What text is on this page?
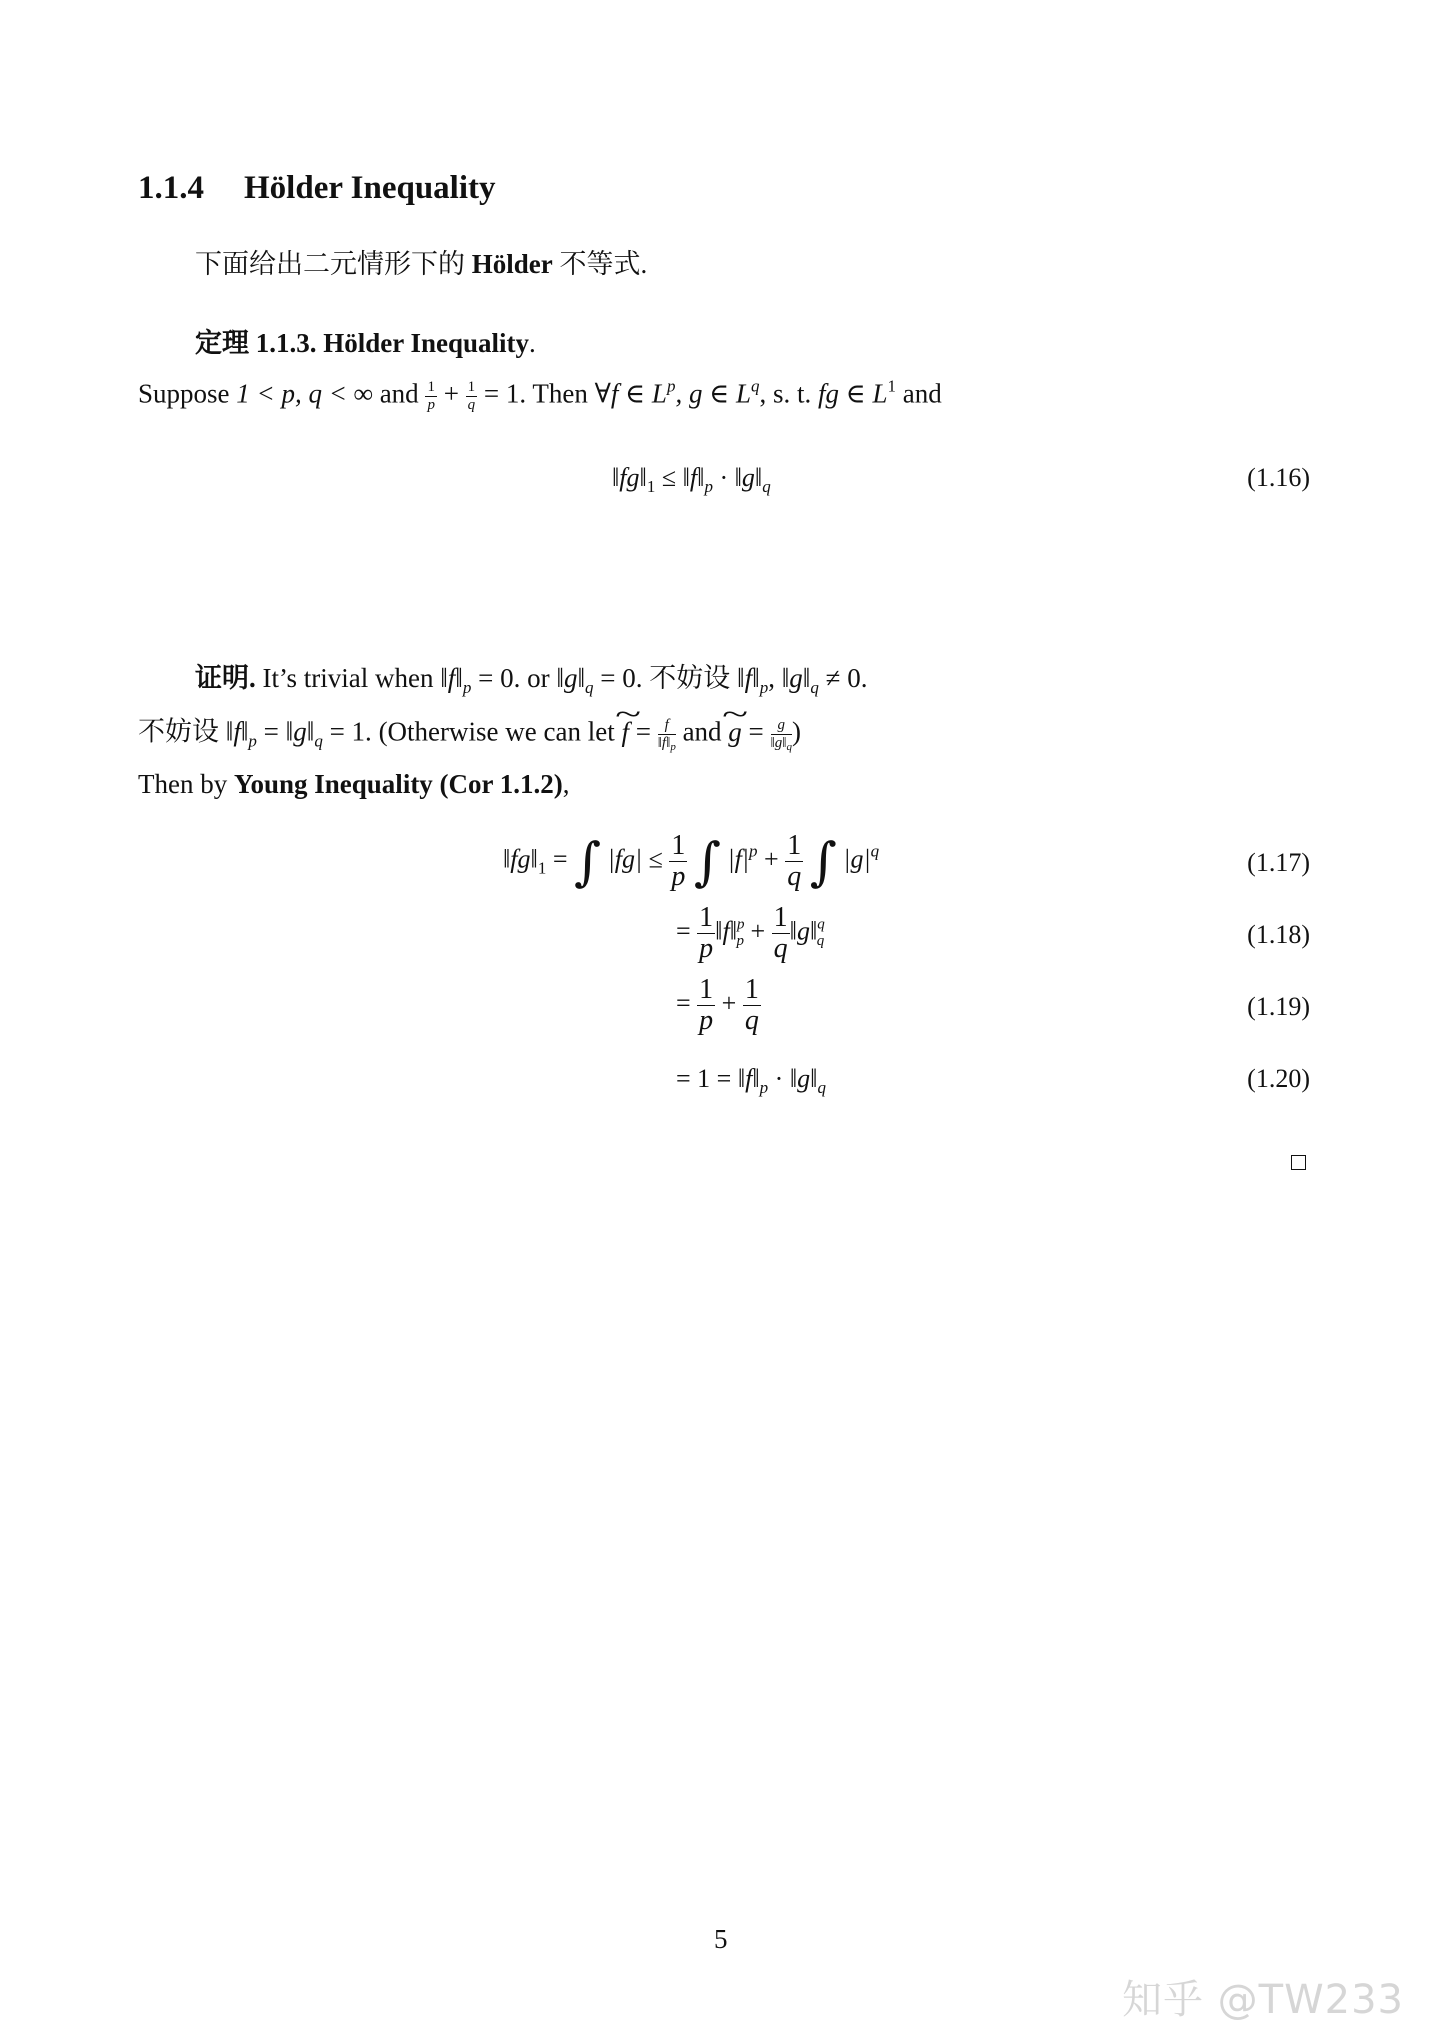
1.1.4 Hölder Inequality
下面给出二元情形下的 Hölder 不等式.
定理 1.1.3. Hölder Inequality.
Suppose 1 < p, q < ∞ and $\frac{1}{p} + \frac{1}{q} = 1$. Then ∀f ∈ $L^p$, g ∈ $L^q$, s. t. fg ∈ $L^1$ and
$‖fg‖_1$ ≤ $‖f‖_p$ · $‖g‖_q$	(1.16)
证明. It’s trivial when $‖f‖_p = 0$. or $‖g‖_q = 0$. 不妨设 $‖f‖_p$, $‖g‖_q \ne 0$.
不妨设 $‖f‖_p$ = $‖g‖_q = 1$. (Otherwise we can let ~ $f = \frac{f}{‖f‖_p}$ and ~ $g = \frac{g}{‖g‖_q}$ )
Then by Young Inequality (Cor 1.1.2),
$‖fg‖_1$ = ∫ $|fg| \le \frac{1}{p}$ ∫ $|f|^p + \frac{1}{q}$ ∫ $|g|^q$	(1.17)
= $\frac{1}{p}$ ‖f‖$^p_p$ + $\frac{1}{q}$ ‖g‖$^q_q$	(1.18)
= $\frac{1}{p} + \frac{1}{q}$	(1.19)
= $1 = ‖f‖_p$ · $‖g‖_q$	(1.20)
5
知乎 @TW233
